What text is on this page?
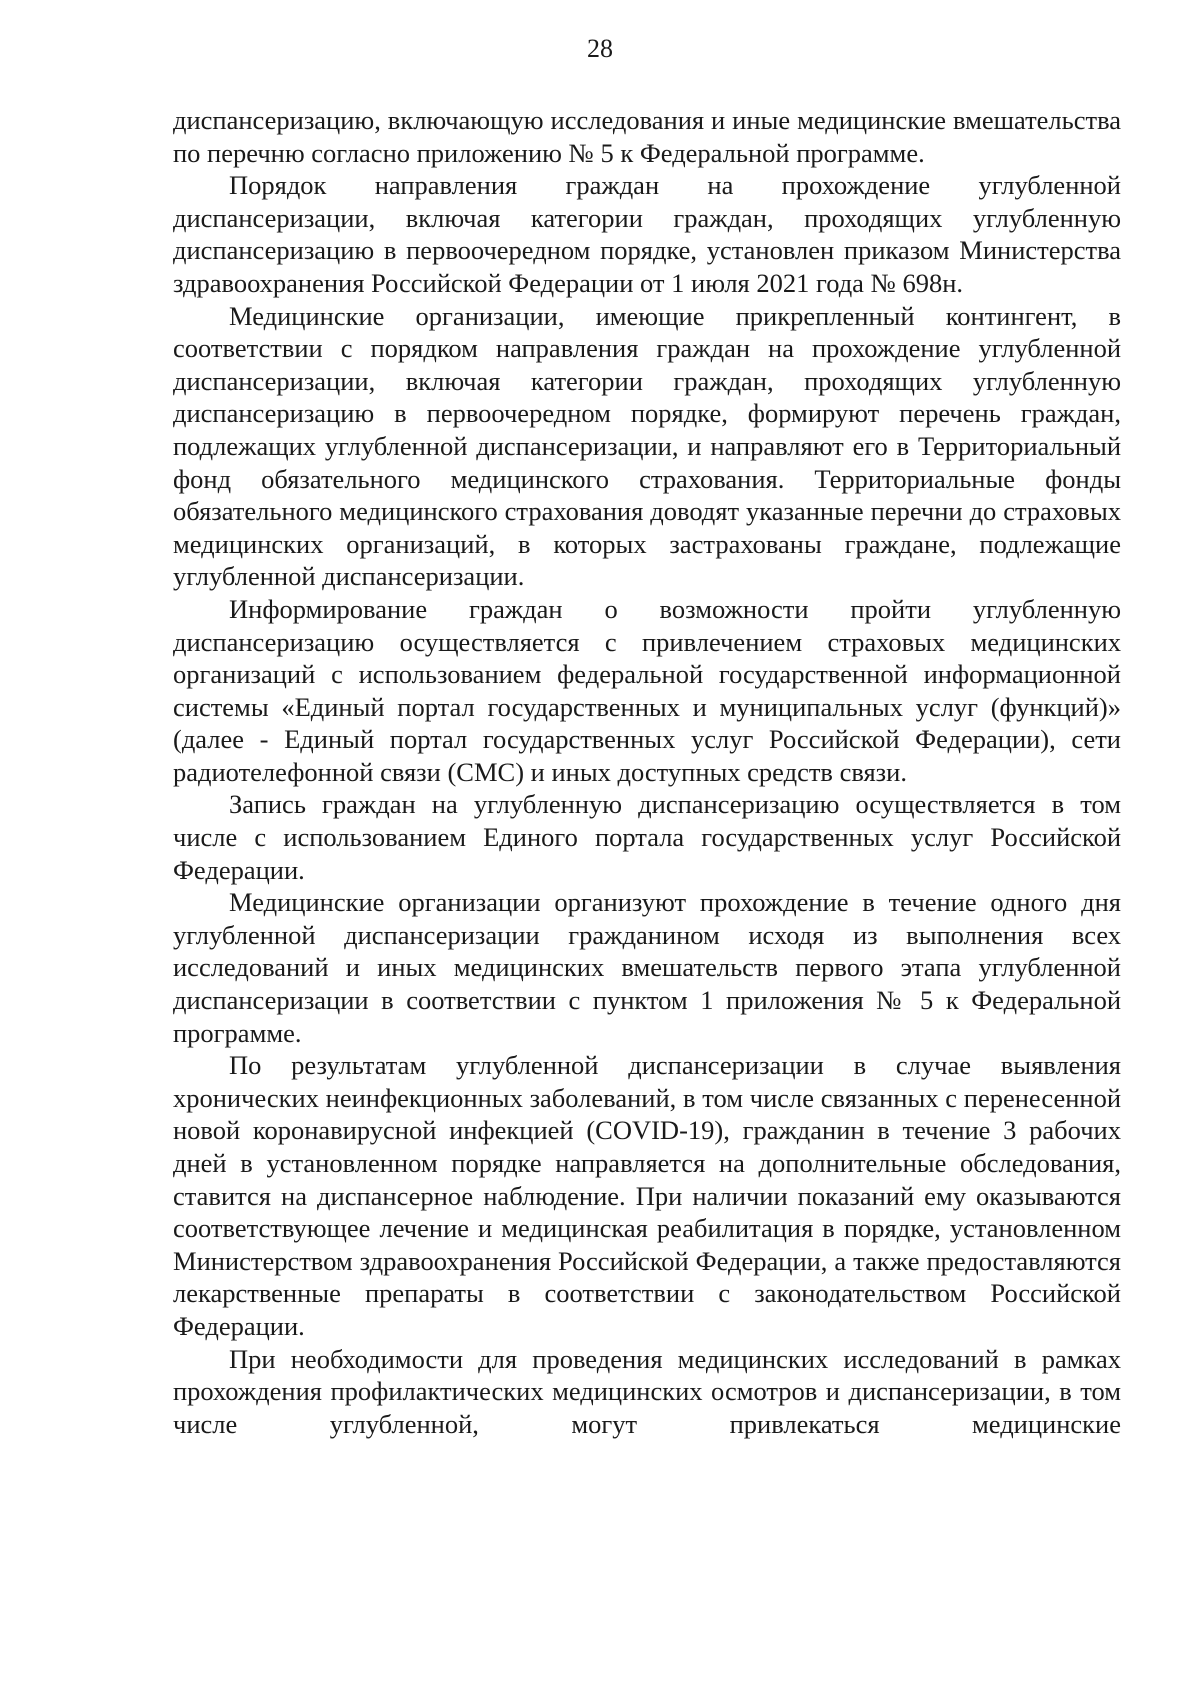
28

диспансеризацию, включающую исследования и иные медицинские вмешательства по перечню согласно приложению № 5 к Федеральной программе.

Порядок направления граждан на прохождение углубленной диспансеризации, включая категории граждан, проходящих углубленную диспансеризацию в первоочередном порядке, установлен приказом Министерства здравоохранения Российской Федерации от 1 июля 2021 года № 698н.

Медицинские организации, имеющие прикрепленный контингент, в соответствии с порядком направления граждан на прохождение углубленной диспансеризации, включая категории граждан, проходящих углубленную диспансеризацию в первоочередном порядке, формируют перечень граждан, подлежащих углубленной диспансеризации, и направляют его в Территориальный фонд обязательного медицинского страхования. Территориальные фонды обязательного медицинского страхования доводят указанные перечни до страховых медицинских организаций, в которых застрахованы граждане, подлежащие углубленной диспансеризации.

Информирование граждан о возможности пройти углубленную диспансеризацию осуществляется с привлечением страховых медицинских организаций с использованием федеральной государственной информационной системы «Единый портал государственных и муниципальных услуг (функций)» (далее - Единый портал государственных услуг Российской Федерации), сети радиотелефонной связи (СМС) и иных доступных средств связи.

Запись граждан на углубленную диспансеризацию осуществляется в том числе с использованием Единого портала государственных услуг Российской Федерации.

Медицинские организации организуют прохождение в течение одного дня углубленной диспансеризации гражданином исходя из выполнения всех исследований и иных медицинских вмешательств первого этапа углубленной диспансеризации в соответствии с пунктом 1 приложения № 5 к Федеральной программе.

По результатам углубленной диспансеризации в случае выявления хронических неинфекционных заболеваний, в том числе связанных с перенесенной новой коронавирусной инфекцией (COVID-19), гражданин в течение 3 рабочих дней в установленном порядке направляется на дополнительные обследования, ставится на диспансерное наблюдение. При наличии показаний ему оказываются соответствующее лечение и медицинская реабилитация в порядке, установленном Министерством здравоохранения Российской Федерации, а также предоставляются лекарственные препараты в соответствии с законодательством Российской Федерации.

При необходимости для проведения медицинских исследований в рамках прохождения профилактических медицинских осмотров и диспансеризации, в том числе углубленной, могут привлекаться медицинские
